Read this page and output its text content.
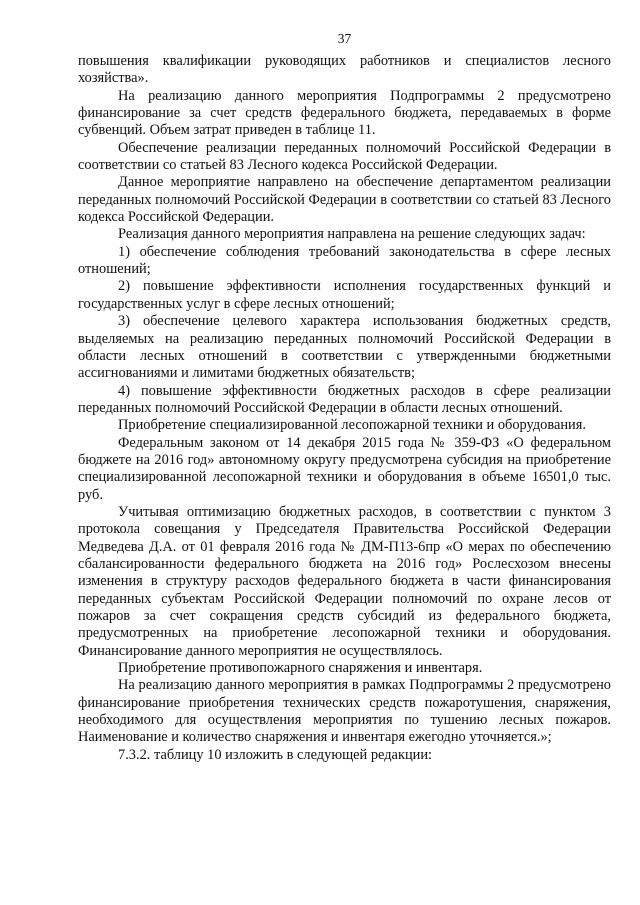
37

повышения квалификации руководящих работников и специалистов лесного хозяйства».

На реализацию данного мероприятия Подпрограммы 2 предусмотрено финансирование за счет средств федерального бюджета, передаваемых в форме субвенций. Объем затрат приведен в таблице 11.

Обеспечение реализации переданных полномочий Российской Федерации в соответствии со статьей 83 Лесного кодекса Российской Федерации.

Данное мероприятие направлено на обеспечение департаментом реализации переданных полномочий Российской Федерации в соответствии со статьей 83 Лесного кодекса Российской Федерации.

Реализация данного мероприятия направлена на решение следующих задач:

1) обеспечение соблюдения требований законодательства в сфере лесных отношений;

2) повышение эффективности исполнения государственных функций и государственных услуг в сфере лесных отношений;

3) обеспечение целевого характера использования бюджетных средств, выделяемых на реализацию переданных полномочий Российской Федерации в области лесных отношений в соответствии с утвержденными бюджетными ассигнованиями и лимитами бюджетных обязательств;

4) повышение эффективности бюджетных расходов в сфере реализации переданных полномочий Российской Федерации в области лесных отношений.

Приобретение специализированной лесопожарной техники и оборудования.

Федеральным законом от 14 декабря 2015 года № 359-ФЗ «О федеральном бюджете на 2016 год» автономному округу предусмотрена субсидия на приобретение специализированной лесопожарной техники и оборудования в объеме 16501,0 тыс. руб.

Учитывая оптимизацию бюджетных расходов, в соответствии с пунктом 3 протокола совещания у Председателя Правительства Российской Федерации Медведева Д.А. от 01 февраля 2016 года № ДМ-П13-6пр «О мерах по обеспечению сбалансированности федерального бюджета на 2016 год» Рослесхозом внесены изменения в структуру расходов федерального бюджета в части финансирования переданных субъектам Российской Федерации полномочий по охране лесов от пожаров за счет сокращения средств субсидий из федерального бюджета, предусмотренных на приобретение лесопожарной техники и оборудования. Финансирование данного мероприятия не осуществлялось.

Приобретение противопожарного снаряжения и инвентаря.

На реализацию данного мероприятия в рамках Подпрограммы 2 предусмотрено финансирование приобретения технических средств пожаротушения, снаряжения, необходимого для осуществления мероприятия по тушению лесных пожаров. Наименование и количество снаряжения и инвентаря ежегодно уточняется.»;

7.3.2. таблицу 10 изложить в следующей редакции:
